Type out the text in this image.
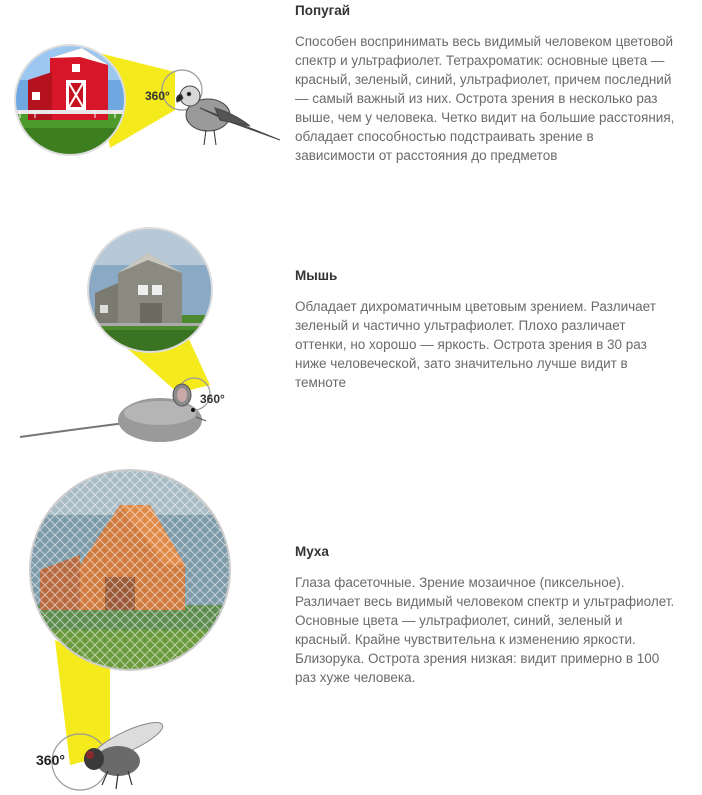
360°

Попугай

Способен воспринимать весь видимый человеком цветовой спектр и ультрафиолет. Тетрахроматик: основные цвета — красный, зеленый, синий, ультрафиолет, причем последний — самый важный из них. Острота зрения в несколько раз выше, чем у человека. Четко видит на большие расстояния, обладает способностью подстраивать зрение в зависимости от расстояния до предметов

360°

Мышь

Обладает дихроматичным цветовым зрением. Различает зеленый и частично ультрафиолет. Плохо различает оттенки, но хорошо — яркость. Острота зрения в 30 раз ниже человеческой, зато значительно лучше видит в темноте

360°

Муха

Глаза фасеточные. Зрение мозаичное (пиксельное). Различает весь видимый человеком спектр и ультрафиолет. Основные цвета — ультрафиолет, синий, зеленый и красный. Крайне чувствительна к изменению яркости. Близорука. Острота зрения низкая: видит примерно в 100 раз хуже человека.
